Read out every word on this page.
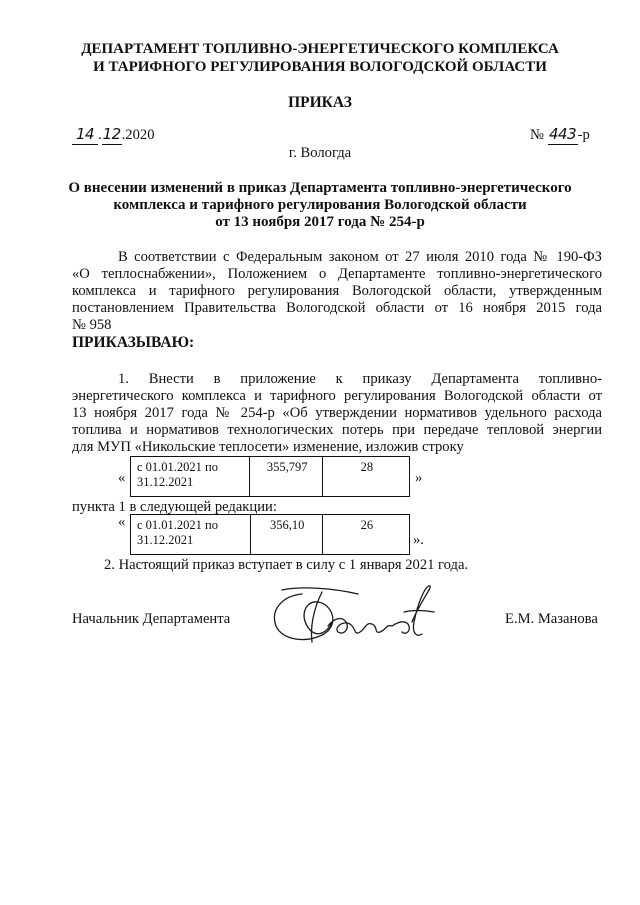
ДЕПАРТАМЕНТ ТОПЛИВНО-ЭНЕРГЕТИЧЕСКОГО КОМПЛЕКСА
И ТАРИФНОГО РЕГУЛИРОВАНИЯ ВОЛОГОДСКОЙ ОБЛАСТИ
ПРИКАЗ
14 .12.2020	№ 443-р
г. Вологда
О внесении изменений в приказ Департамента топливно-энергетического
комплекса и тарифного регулирования Вологодской области
от 13 ноября 2017 года № 254-р
В соответствии с Федеральным законом от 27 июля 2010 года № 190-ФЗ
«О теплоснабжении», Положением о Департаменте топливно-энергетического
комплекса и тарифного регулирования Вологодской области, утвержденным
постановлением Правительства Вологодской области от 16 ноября 2015 года
№ 958
ПРИКАЗЫВАЮ:
1. Внести в приложение к приказу Департамента топливно-
энергетического комплекса и тарифного регулирования Вологодской области от
13 ноября 2017 года № 254-р «Об утверждении нормативов удельного расхода
топлива и нормативов технологических потерь при передаче тепловой энергии
для МУП «Никольские теплосети» изменение, изложив строку
«
с 01.01.2021 по 31.12.2021	355,797	28
»
пункта 1 в следующей редакции:
« с 01.01.2021 по 31.12.2021	356,10	26
».
2. Настоящий приказ вступает в силу с 1 января 2021 года.
Начальник Департамента	Е.М. Мазанова
